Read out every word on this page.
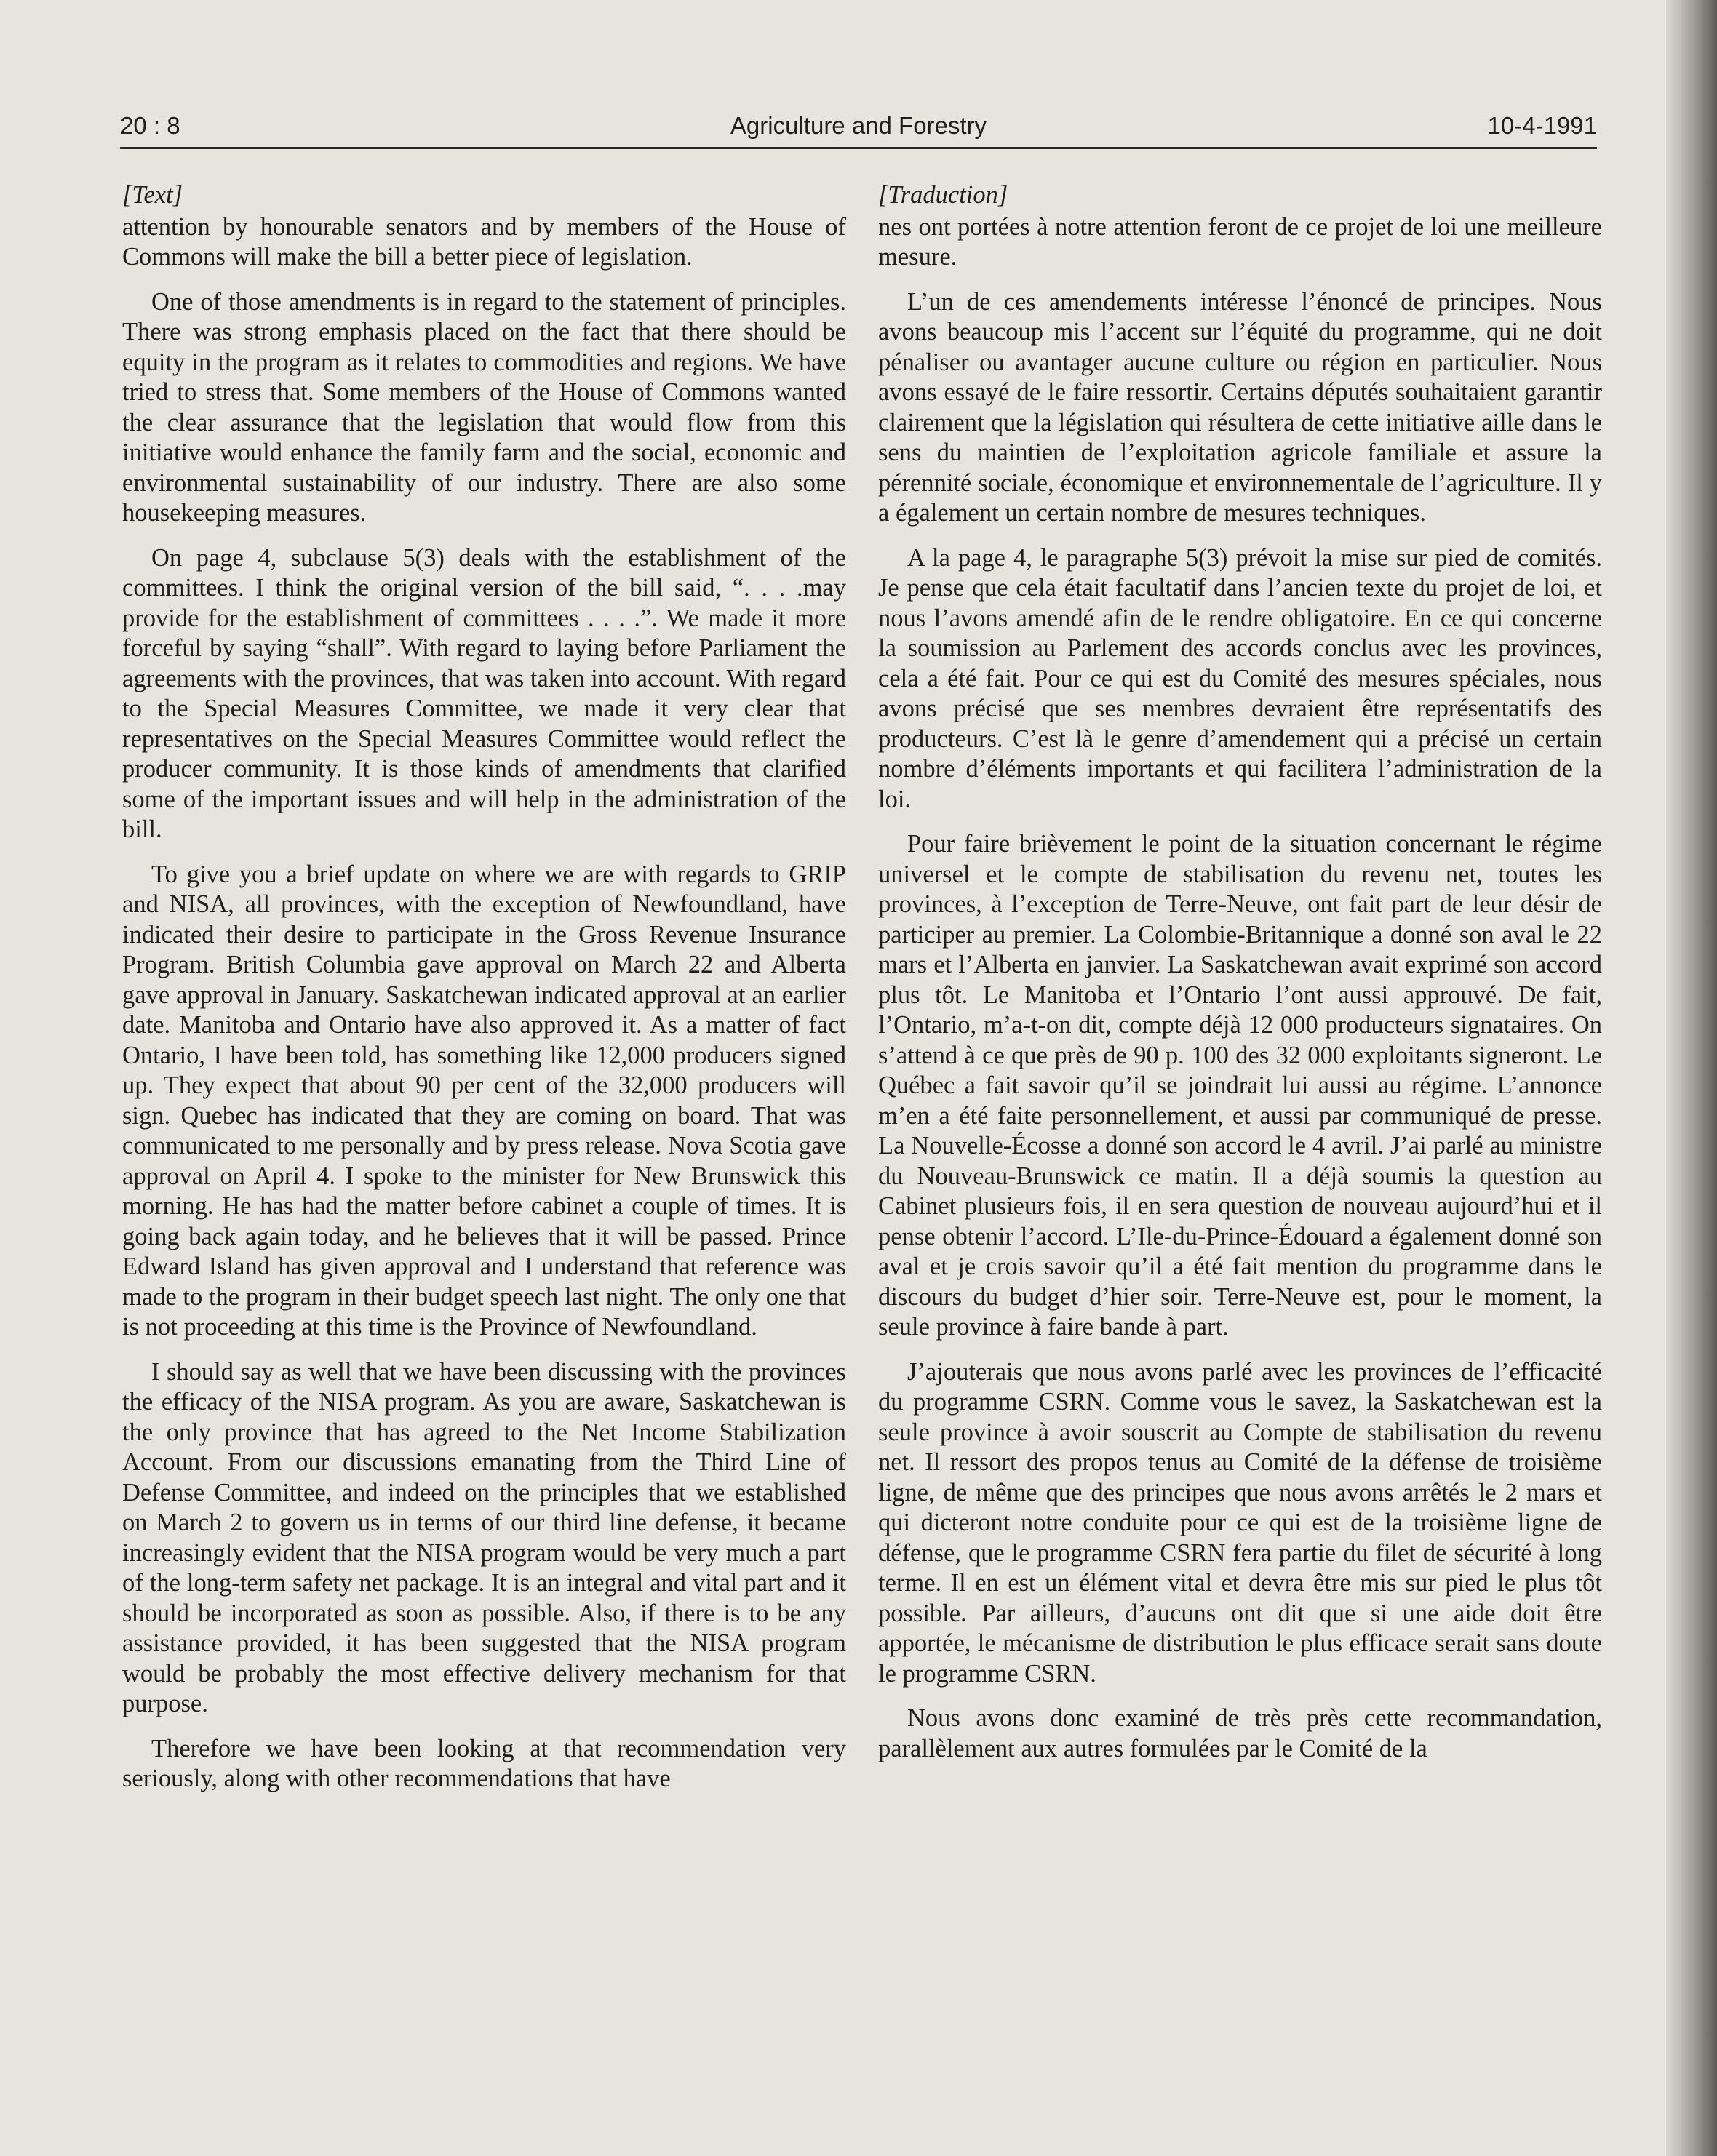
20 : 8	Agriculture and Forestry	10-4-1991
[Text]

attention by honourable senators and by members of the House of Commons will make the bill a better piece of legislation.

One of those amendments is in regard to the statement of principles. There was strong emphasis placed on the fact that there should be equity in the program as it relates to commodities and regions. We have tried to stress that. Some members of the House of Commons wanted the clear assurance that the legislation that would flow from this initiative would enhance the family farm and the social, economic and environmental sustainability of our industry. There are also some housekeeping measures.

On page 4, subclause 5(3) deals with the establishment of the committees. I think the original version of the bill said, “. . . .may provide for the establishment of committees . . . .”. We made it more forceful by saying “shall”. With regard to laying before Parliament the agreements with the provinces, that was taken into account. With regard to the Special Measures Committee, we made it very clear that representatives on the Special Measures Committee would reflect the producer community. It is those kinds of amendments that clarified some of the important issues and will help in the administration of the bill.

To give you a brief update on where we are with regards to GRIP and NISA, all provinces, with the exception of Newfoundland, have indicated their desire to participate in the Gross Revenue Insurance Program. British Columbia gave approval on March 22 and Alberta gave approval in January. Saskatchewan indicated approval at an earlier date. Manitoba and Ontario have also approved it. As a matter of fact Ontario, I have been told, has something like 12,000 producers signed up. They expect that about 90 per cent of the 32,000 producers will sign. Quebec has indicated that they are coming on board. That was communicated to me personally and by press release. Nova Scotia gave approval on April 4. I spoke to the minister for New Brunswick this morning. He has had the matter before cabinet a couple of times. It is going back again today, and he believes that it will be passed. Prince Edward Island has given approval and I understand that reference was made to the program in their budget speech last night. The only one that is not proceeding at this time is the Province of Newfoundland.

I should say as well that we have been discussing with the provinces the efficacy of the NISA program. As you are aware, Saskatchewan is the only province that has agreed to the Net Income Stabilization Account. From our discussions emanating from the Third Line of Defense Committee, and indeed on the principles that we established on March 2 to govern us in terms of our third line defense, it became increasingly evident that the NISA program would be very much a part of the long-term safety net package. It is an integral and vital part and it should be incorporated as soon as possible. Also, if there is to be any assistance provided, it has been suggested that the NISA program would be probably the most effective delivery mechanism for that purpose.

Therefore we have been looking at that recommendation very seriously, along with other recommendations that have

[Traduction]

nes ont portées à notre attention feront de ce projet de loi une meilleure mesure.

L’un de ces amendements intéresse l’énoncé de principes. Nous avons beaucoup mis l’accent sur l’équité du programme, qui ne doit pénaliser ou avantager aucune culture ou région en particulier. Nous avons essayé de le faire ressortir. Certains députés souhaitaient garantir clairement que la législation qui résultera de cette initiative aille dans le sens du maintien de l’exploitation agricole familiale et assure la pérennité sociale, économique et environnementale de l’agriculture. Il y a également un certain nombre de mesures techniques.

A la page 4, le paragraphe 5(3) prévoit la mise sur pied de comités. Je pense que cela était facultatif dans l’ancien texte du projet de loi, et nous l’avons amendé afin de le rendre obligatoire. En ce qui concerne la soumission au Parlement des accords conclus avec les provinces, cela a été fait. Pour ce qui est du Comité des mesures spéciales, nous avons précisé que ses membres devraient être représentatifs des producteurs. C’est là le genre d’amendement qui a précisé un certain nombre d’éléments importants et qui facilitera l’administration de la loi.

Pour faire brièvement le point de la situation concernant le régime universel et le compte de stabilisation du revenu net, toutes les provinces, à l’exception de Terre-Neuve, ont fait part de leur désir de participer au premier. La Colombie-Britannique a donné son aval le 22 mars et l’Alberta en janvier. La Saskatchewan avait exprimé son accord plus tôt. Le Manitoba et l’Ontario l’ont aussi approuvé. De fait, l’Ontario, m’a-t-on dit, compte déjà 12 000 producteurs signataires. On s’attend à ce que près de 90 p. 100 des 32 000 exploitants signeront. Le Québec a fait savoir qu’il se joindrait lui aussi au régime. L’annonce m’en a été faite personnellement, et aussi par communiqué de presse. La Nouvelle-Écosse a donné son accord le 4 avril. J’ai parlé au ministre du Nouveau-Brunswick ce matin. Il a déjà soumis la question au Cabinet plusieurs fois, il en sera question de nouveau aujourd’hui et il pense obtenir l’accord. L’Ile-du-Prince-Édouard a également donné son aval et je crois savoir qu’il a été fait mention du programme dans le discours du budget d’hier soir. Terre-Neuve est, pour le moment, la seule province à faire bande à part.

J’ajouterais que nous avons parlé avec les provinces de l’efficacité du programme CSRN. Comme vous le savez, la Saskatchewan est la seule province à avoir souscrit au Compte de stabilisation du revenu net. Il ressort des propos tenus au Comité de la défense de troisième ligne, de même que des principes que nous avons arrêtés le 2 mars et qui dicteront notre conduite pour ce qui est de la troisième ligne de défense, que le programme CSRN fera partie du filet de sécurité à long terme. Il en est un élément vital et devra être mis sur pied le plus tôt possible. Par ailleurs, d’aucuns ont dit que si une aide doit être apportée, le mécanisme de distribution le plus efficace serait sans doute le programme CSRN.

Nous avons donc examiné de très près cette recommandation, parallèlement aux autres formulées par le Comité de la
